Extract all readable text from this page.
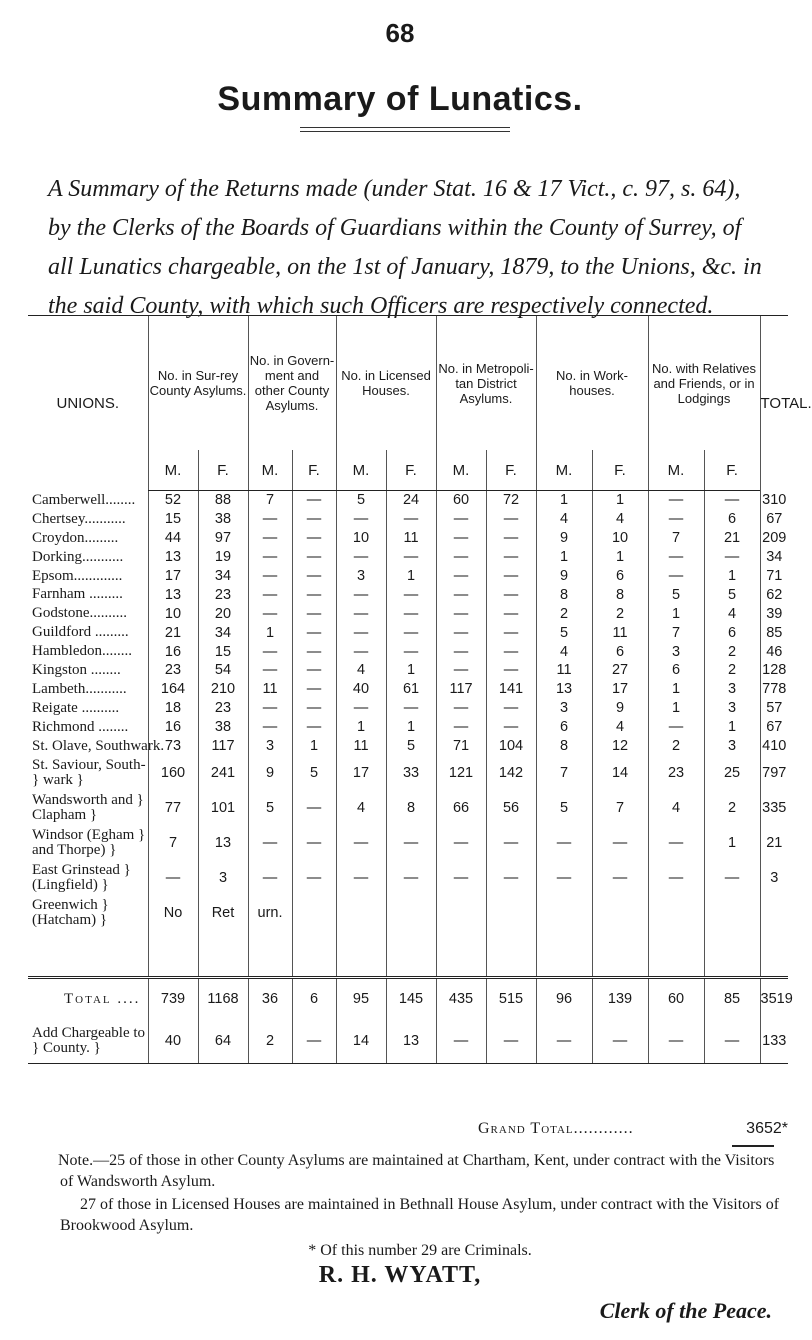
68
Summary of Lunatics.
A Summary of the Returns made (under Stat. 16 & 17 Vict., c. 97, s. 64), by the Clerks of the Boards of Guardians within the County of Surrey, of all Lunatics chargeable, on the 1st of January, 1879, to the Unions, &c. in the said County, with which such Officers are respectively connected.
UNIONS.	No. in Sur-rey County Asylums.		No. in Govern-ment and other County Asylums.		No. in Licensed Houses.		No. in Metropoli-tan District Asylums.		No. in Work-houses.		No. with Relatives and Friends, or in Lodgings		TOTAL.
	M.	F.	M.	F.	M.	F.	M.	F.	M.	F.	M.	F.	
Camberwell........	52	88	7	—	5	24	60	72	1	1	—	—	310
Chertsey...........	15	38	—	—	—	—	—	—	4	4	—	6	67
Croydon.........	44	97	—	—	10	11	—	—	9	10	7	21	209
Dorking...........	13	19	—	—	—	—	—	—	1	1	—	—	34
Epsom.............	17	34	—	—	3	1	—	—	9	6	—	1	71
Farnham .........	13	23	—	—	—	—	—	—	8	8	5	5	62
Godstone..........	10	20	—	—	—	—	—	—	2	2	1	4	39
Guildford .........	21	34	1	—	—	—	—	—	5	11	7	6	85
Hambledon........	16	15	—	—	—	—	—	—	4	6	3	2	46
Kingston ........	23	54	—	—	4	1	—	—	11	27	6	2	128
Lambeth...........	164	210	11	—	40	61	117	141	13	17	1	3	778
Reigate ..........	18	23	—	—	—	—	—	—	3	9	1	3	57
Richmond ........	16	38	—	—	1	1	—	—	6	4	—	1	67
St. Olave, Southwark.	73	117	3	1	11	5	71	104	8	12	2	3	410
St. Saviour, South- } wark }	160	241	9	5	17	33	121	142	7	14	23	25	797
Wandsworth and } Clapham }	77	101	5	—	4	8	66	56	5	7	4	2	335
Windsor (Egham } and Thorpe) }	7	13	—	—	—	—	—	—	—	—	—	1	21
East Grinstead } (Lingfield) }	—	3	—	—	—	—	—	—	—	—	—	—	3
Greenwich } (Hatcham) }	No	Ret	urn.										

Total ....	739	1168	36	6	95	145	435	515	96	139	60	85	3519
Add Chargeable to } County. }	40	64	2	—	14	13	—	—	—	—	—	—	133
Grand Total............	3652*

Note.—25 of those in other County Asylums are maintained at Chartham, Kent, under contract with the Visitors of Wandsworth Asylum.

27 of those in Licensed Houses are maintained in Bethnall House Asylum, under contract with the Visitors of Brookwood Asylum.

* Of this number 29 are Criminals.

R. H. WYATT,
Clerk of the Peace.
